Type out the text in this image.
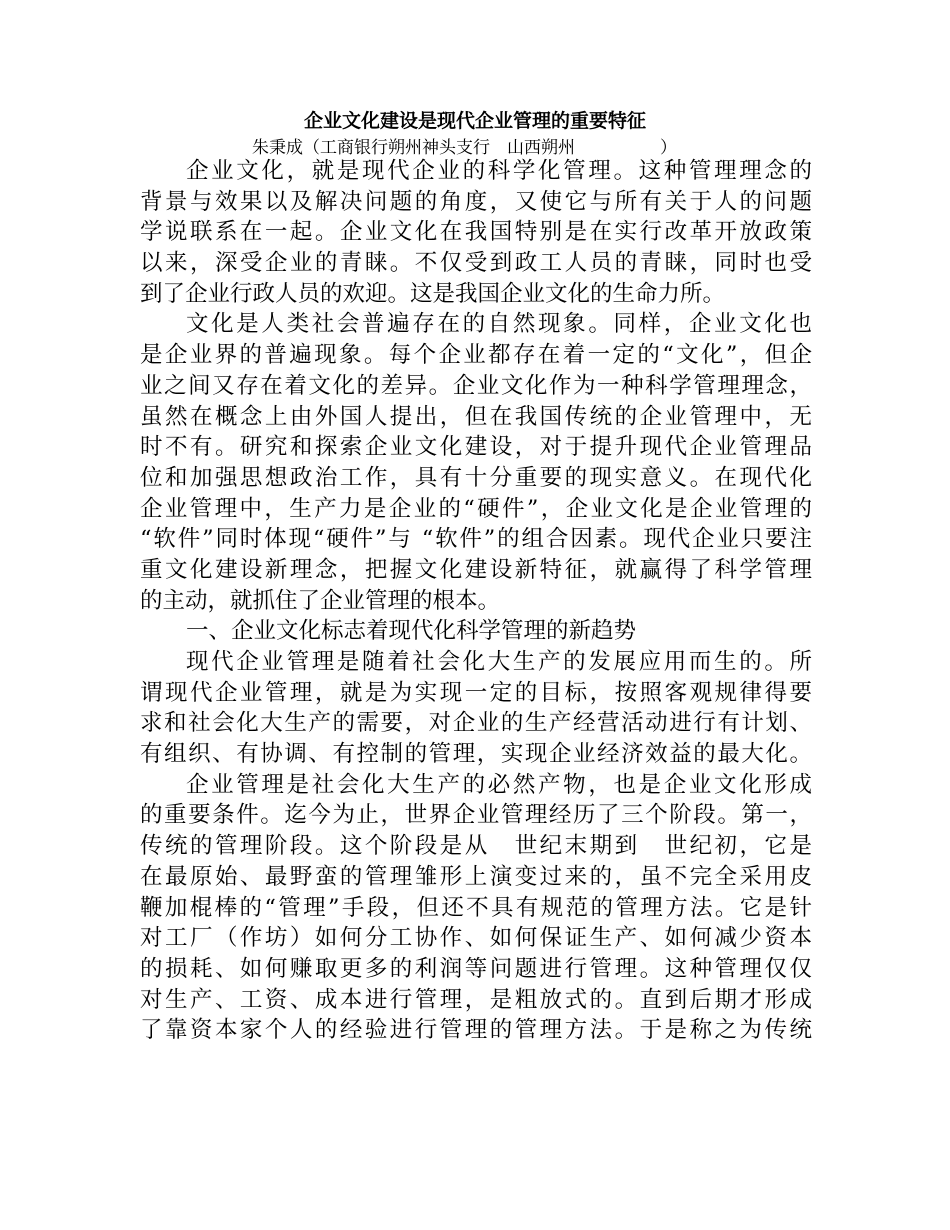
企业文化建设是现代企业管理的重要特征
朱秉成（工商银行朔州神头支行　山西朔州　　　　　）
企业文化，就是现代企业的科学化管理。这种管理理念的
背景与效果以及解决问题的角度，又使它与所有关于人的问题
学说联系在一起。企业文化在我国特别是在实行改革开放政策
以来，深受企业的青睐。不仅受到政工人员的青睐，同时也受
到了企业行政人员的欢迎。这是我国企业文化的生命力所。
文化是人类社会普遍存在的自然现象。同样，企业文化也
是企业界的普遍现象。每个企业都存在着一定的“文化”，但企
业之间又存在着文化的差异。企业文化作为一种科学管理理念，
虽然在概念上由外国人提出，但在我国传统的企业管理中，无
时不有。研究和探索企业文化建设，对于提升现代企业管理品
位和加强思想政治工作，具有十分重要的现实意义。在现代化
企业管理中，生产力是企业的“硬件”，企业文化是企业管理的
“软件”同时体现“硬件”与 “软件”的组合因素。现代企业只要注
重文化建设新理念，把握文化建设新特征，就赢得了科学管理
的主动，就抓住了企业管理的根本。
一、企业文化标志着现代化科学管理的新趋势
现代企业管理是随着社会化大生产的发展应用而生的。所
谓现代企业管理，就是为实现一定的目标，按照客观规律得要
求和社会化大生产的需要，对企业的生产经营活动进行有计划、
有组织、有协调、有控制的管理，实现企业经济效益的最大化。
企业管理是社会化大生产的必然产物，也是企业文化形成
的重要条件。迄今为止，世界企业管理经历了三个阶段。第一，
传统的管理阶段。这个阶段是从　世纪末期到　世纪初，它是
在最原始、最野蛮的管理雏形上演变过来的，虽不完全采用皮
鞭加棍棒的“管理”手段，但还不具有规范的管理方法。它是针
对工厂（作坊）如何分工协作、如何保证生产、如何减少资本
的损耗、如何赚取更多的利润等问题进行管理。这种管理仅仅
对生产、工资、成本进行管理，是粗放式的。直到后期才形成
了靠资本家个人的经验进行管理的管理方法。于是称之为传统
